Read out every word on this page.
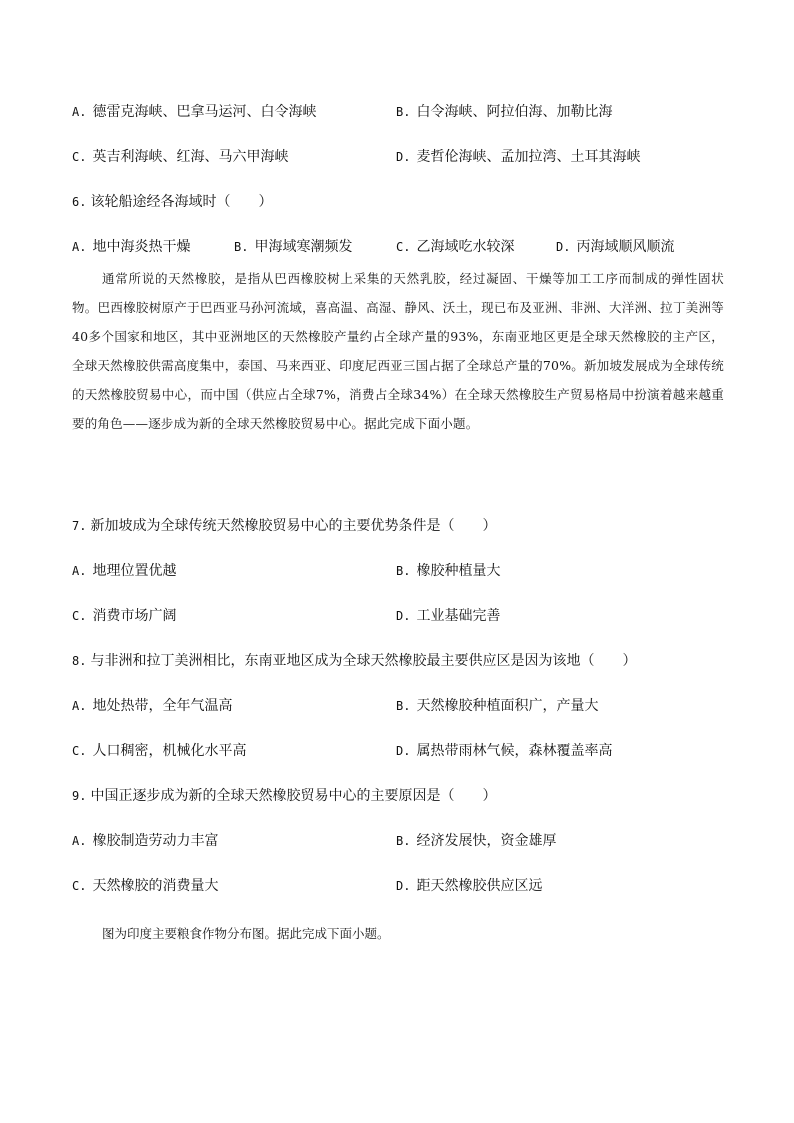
A. 德雷克海峡、巴拿马运河、白令海峡	B. 白令海峡、阿拉伯海、加勒比海
C. 英吉利海峡、红海、马六甲海峡	D. 麦哲伦海峡、孟加拉湾、土耳其海峡
6. 该轮船途经各海域时（　　）
A. 地中海炎热干燥	B. 甲海域寒潮频发	C. 乙海域吃水较深	D. 丙海域顺风顺流

通常所说的天然橡胶，是指从巴西橡胶树上采集的天然乳胶，经过凝固、干燥等加工工序而制成的弹性固状物。巴西橡胶树原产于巴西亚马孙河流域，喜高温、高湿、静风、沃土，现已布及亚洲、非洲、大洋洲、拉丁美洲等40多个国家和地区，其中亚洲地区的天然橡胶产量约占全球产量的93%，东南亚地区更是全球天然橡胶的主产区，全球天然橡胶供需高度集中，泰国、马来西亚、印度尼西亚三国占据了全球总产量的70%。新加坡发展成为全球传统的天然橡胶贸易中心，而中国（供应占全球7%，消费占全球34%）在全球天然橡胶生产贸易格局中扮演着越来越重要的角色——逐步成为新的全球天然橡胶贸易中心。据此完成下面小题。

7. 新加坡成为全球传统天然橡胶贸易中心的主要优势条件是（　　）
A. 地理位置优越	B. 橡胶种植量大
C. 消费市场广阔	D. 工业基础完善
8. 与非洲和拉丁美洲相比，东南亚地区成为全球天然橡胶最主要供应区是因为该地（　　）
A. 地处热带，全年气温高	B. 天然橡胶种植面积广，产量大
C. 人口稠密，机械化水平高	D. 属热带雨林气候，森林覆盖率高
9. 中国正逐步成为新的全球天然橡胶贸易中心的主要原因是（　　）
A. 橡胶制造劳动力丰富	B. 经济发展快，资金雄厚
C. 天然橡胶的消费量大	D. 距天然橡胶供应区远
图为印度主要粮食作物分布图。据此完成下面小题。
